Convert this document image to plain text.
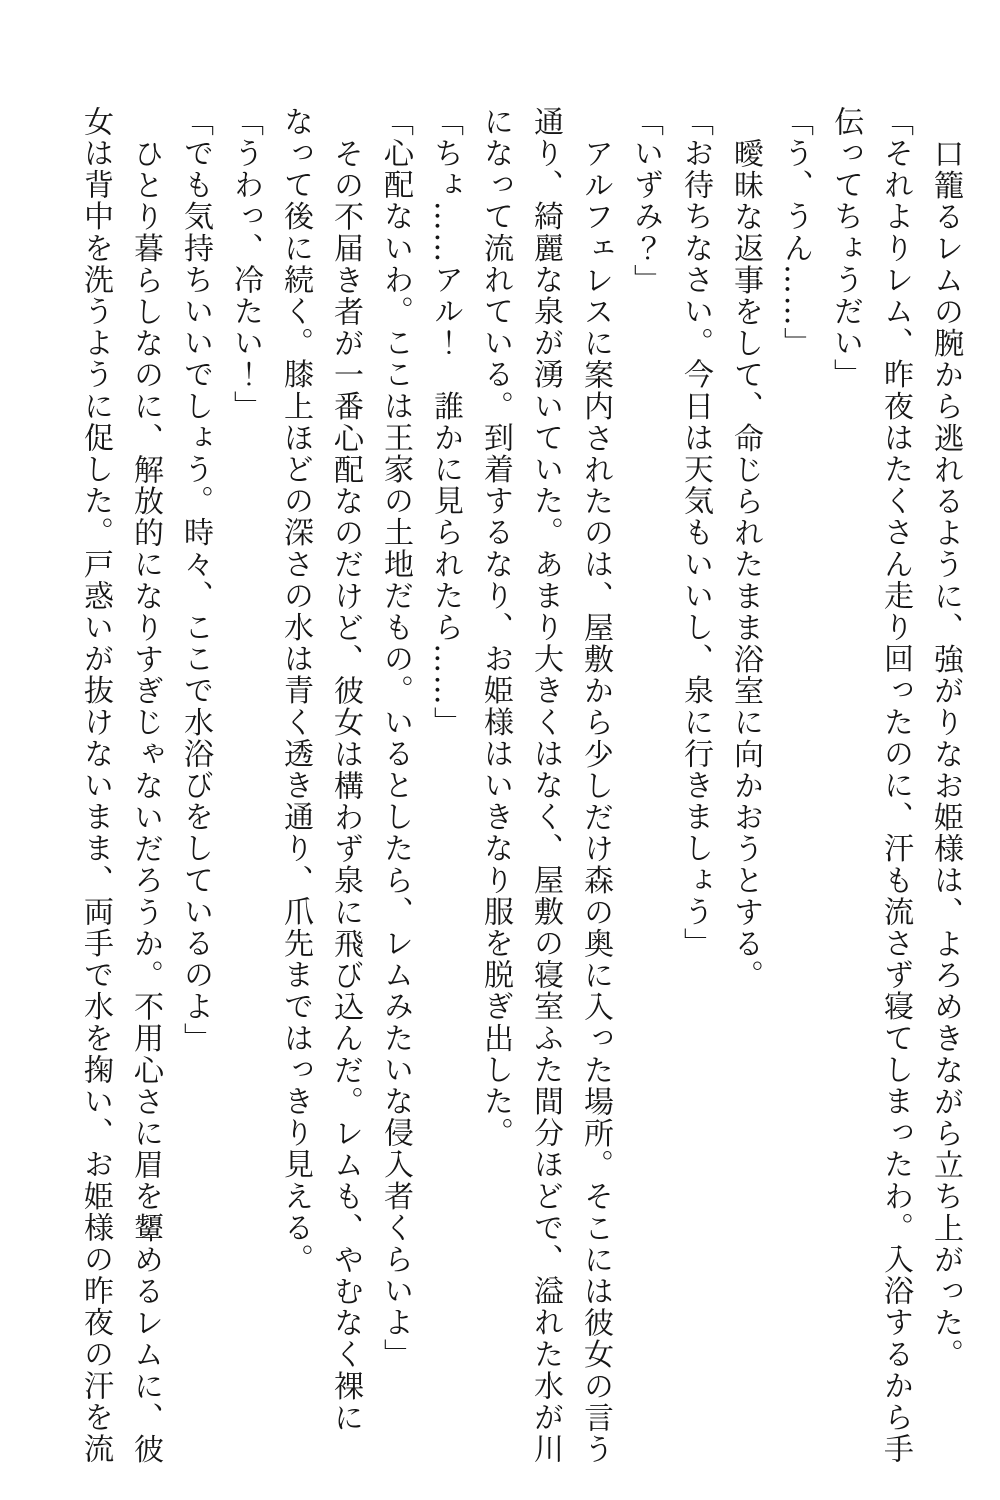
口籠るレムの腕から逃れるように、強がりなお姫様は、よろめきながら立ち上がった。

「それよりレム、昨夜はたくさん走り回ったのに、汗も流さず寝てしまったわ。入浴するから手

伝ってちょうだい」

「う、うん……」

曖昧な返事をして、命じられたまま浴室に向かおうとする。

「お待ちなさい。今日は天気もいいし、泉に行きましょう」

「いずみ？」

アルフェレスに案内されたのは、屋敷から少しだけ森の奥に入った場所。そこには彼女の言う

通り、綺麗な泉が湧いていた。あまり大きくはなく、屋敷の寝室ふた間分ほどで、溢れた水が川

になって流れている。到着するなり、お姫様はいきなり服を脱ぎ出した。

「ちょ……アル！　誰かに見られたら……」

「心配ないわ。ここは王家の土地だもの。いるとしたら、レムみたいな侵入者くらいよ」

その不届き者が一番心配なのだけど、彼女は構わず泉に飛び込んだ。レムも、やむなく裸に

なって後に続く。膝上ほどの深さの水は青く透き通り、爪先まではっきり見える。

「うわっ、冷たい！」

「でも気持ちいいでしょう。時々、ここで水浴びをしているのよ」

ひとり暮らしなのに、解放的になりすぎじゃないだろうか。不用心さに眉を顰めるレムに、彼

女は背中を洗うように促した。戸惑いが抜けないまま、両手で水を掬い、お姫様の昨夜の汗を流
